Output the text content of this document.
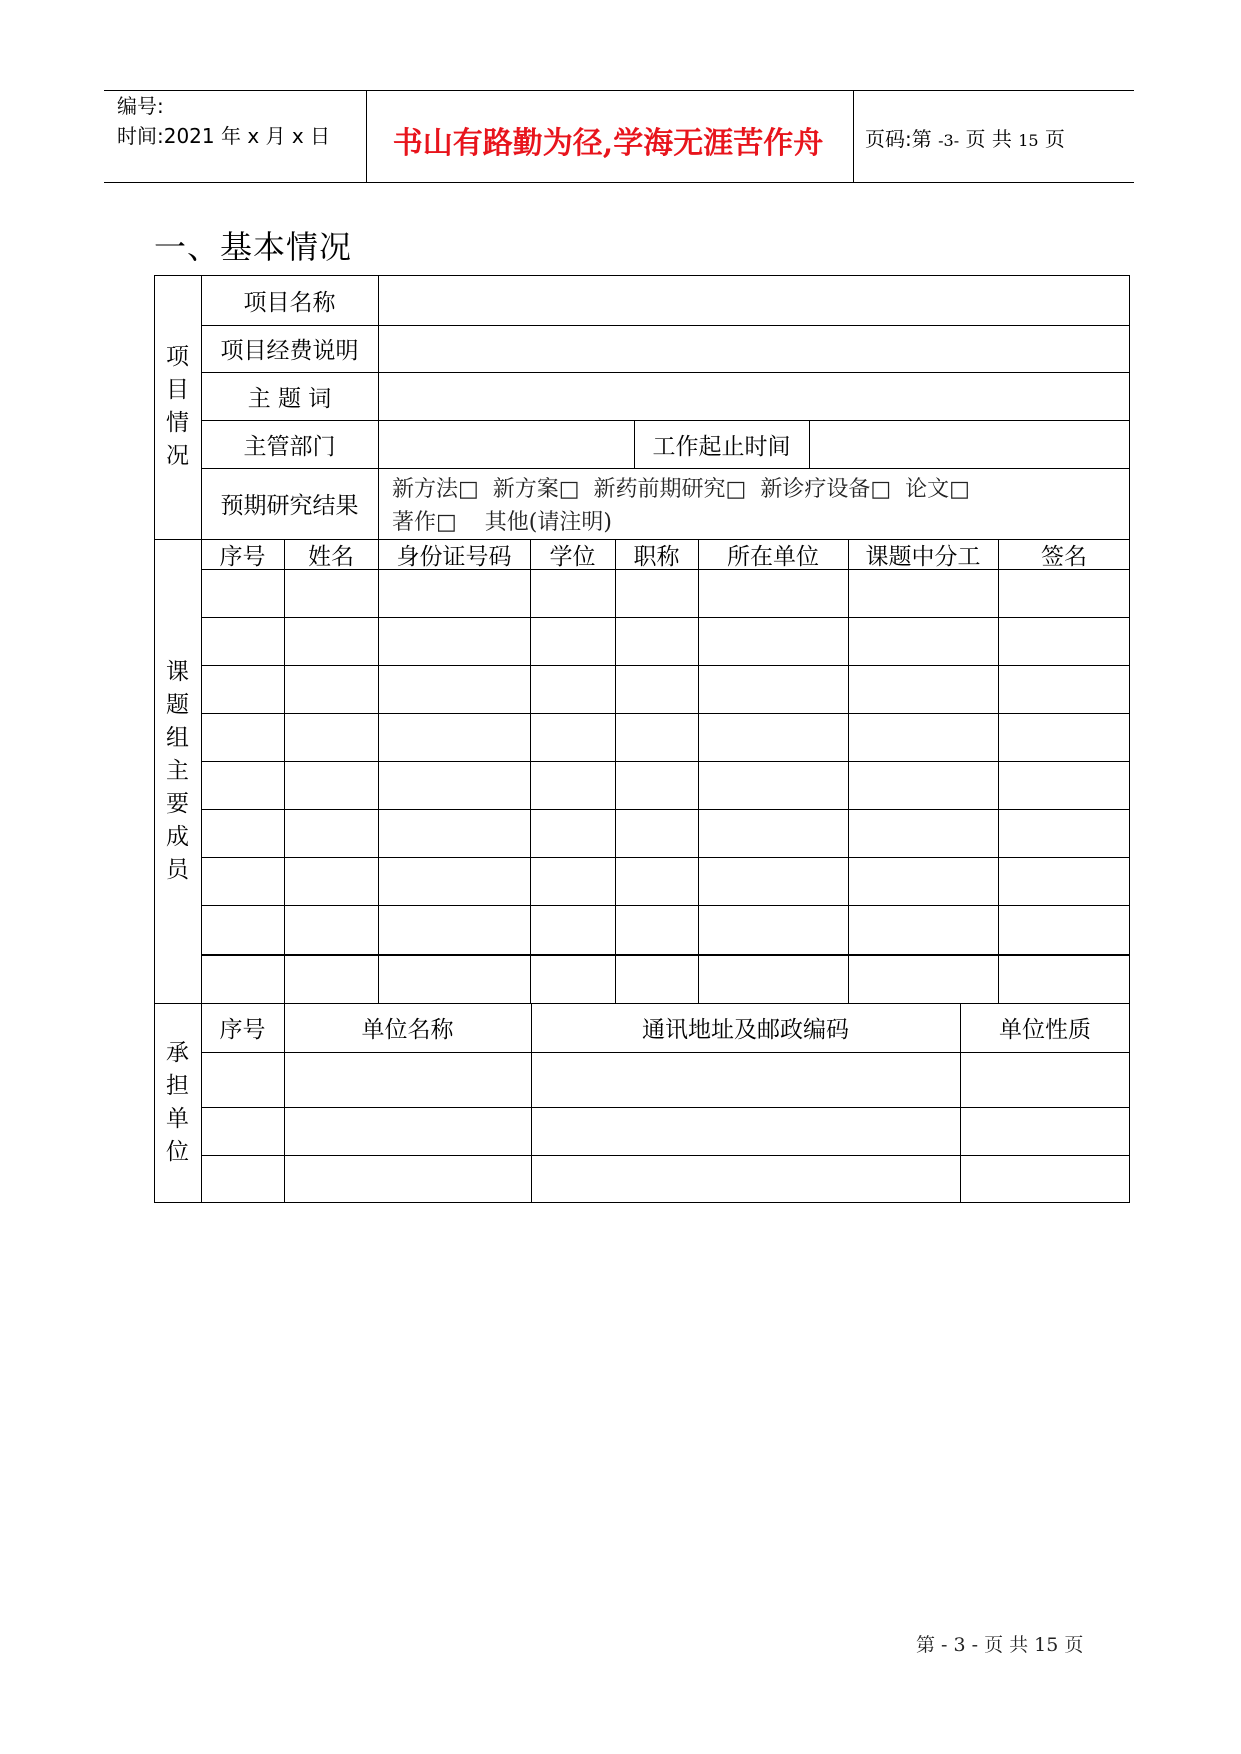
编号:
时间:2021 年 x 月 x 日	书山有路勤为径,学海无涯苦作舟	页码:第 -3- 页 共 15 页
一、基本情况
项
目
情
况
项目名称
项目经费说明
主 题 词
主管部门	工作起止时间
预期研究结果
新方法□  新方案□  新药前期研究□  新诊疗设备□  论文□
著作□    其他(请注明)
课
题
组
主
要
成
员
序号	姓名	身份证号码	学位	职称	所在单位	课题中分工	签名
承
担
单
位
序号	单位名称	通讯地址及邮政编码	单位性质
第 - 3 - 页 共 15 页
